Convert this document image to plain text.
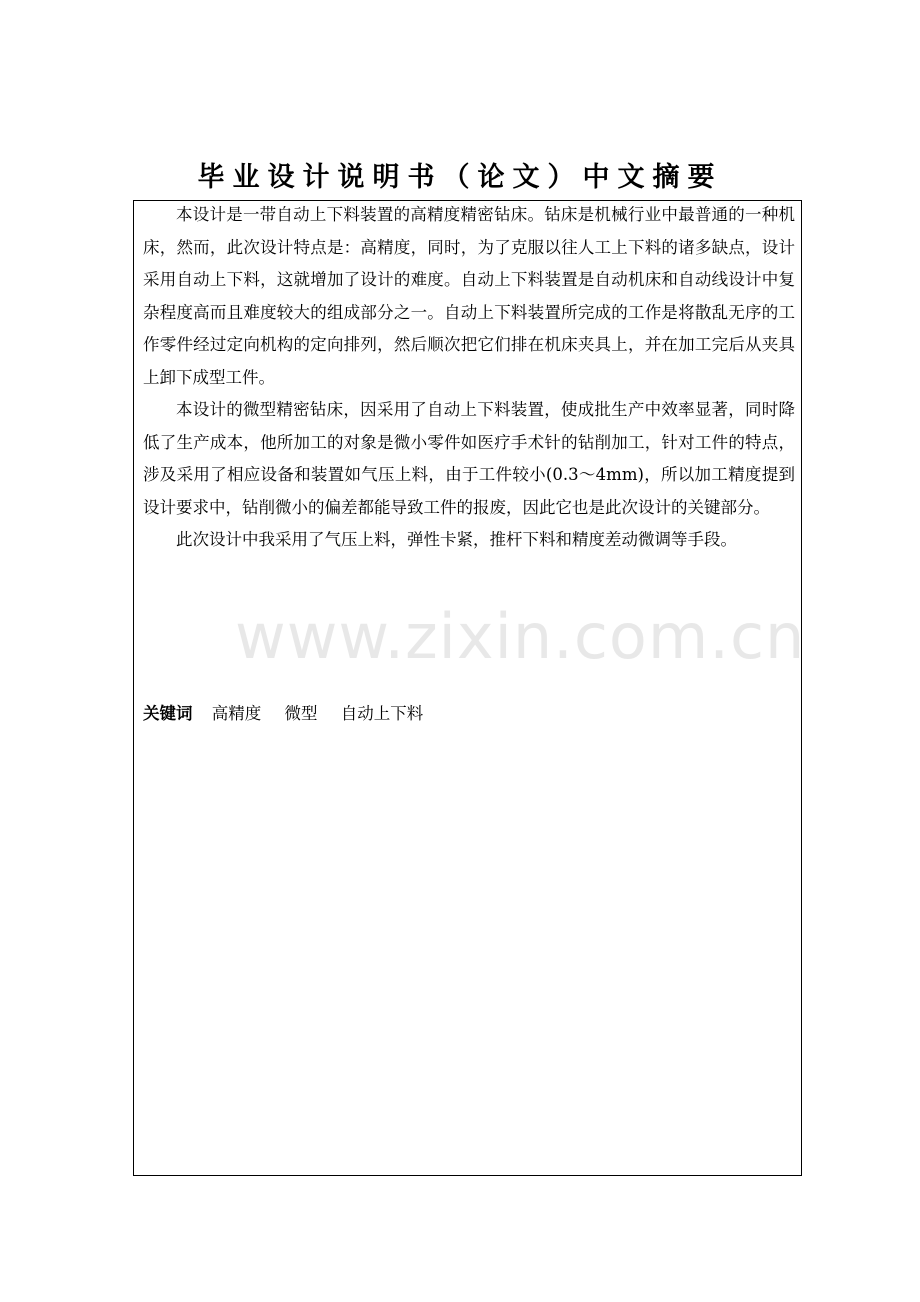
毕业设计说明书（论文）中文摘要

本设计是一带自动上下料装置的高精度精密钻床。钻床是机械行业中最普通的一种机床，然而，此次设计特点是：高精度，同时，为了克服以往人工上下料的诸多缺点，设计采用自动上下料，这就增加了设计的难度。自动上下料装置是自动机床和自动线设计中复杂程度高而且难度较大的组成部分之一。自动上下料装置所完成的工作是将散乱无序的工作零件经过定向机构的定向排列，然后顺次把它们排在机床夹具上，并在加工完后从夹具上卸下成型工件。

本设计的微型精密钻床，因采用了自动上下料装置，使成批生产中效率显著，同时降低了生产成本，他所加工的对象是微小零件如医疗手术针的钻削加工，针对工件的特点，涉及采用了相应设备和装置如气压上料，由于工件较小(0.3～4mm)，所以加工精度提到设计要求中，钻削微小的偏差都能导致工件的报废，因此它也是此次设计的关键部分。

此次设计中我采用了气压上料，弹性卡紧，推杆下料和精度差动微调等手段。

www.zixin.com.cn
关键词 高精度 微型 自动上下料
